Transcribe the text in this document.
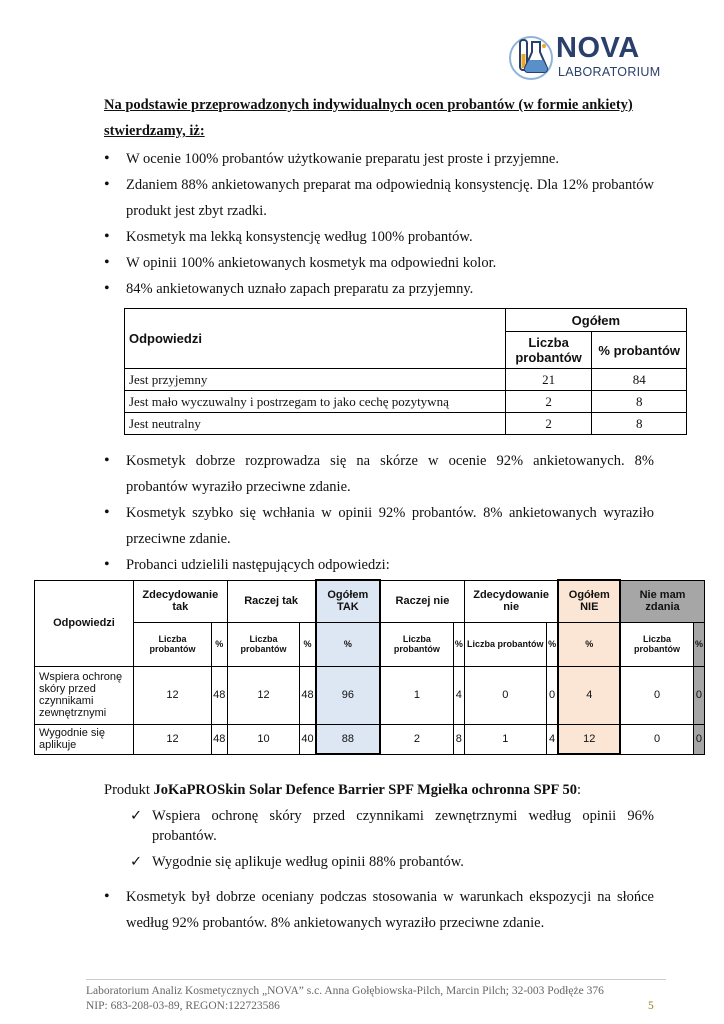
NOVA
LABORATORIUM
Na podstawie przeprowadzonych indywidualnych ocen probantów (w formie ankiety) stwierdzamy, iż:
• W ocenie 100% probantów użytkowanie preparatu jest proste i przyjemne.
• Zdaniem 88% ankietowanych preparat ma odpowiednią konsystencję. Dla 12% probantów produkt jest zbyt rzadki.
• Kosmetyk ma lekką konsystencję według 100% probantów.
• W opinii 100% ankietowanych kosmetyk ma odpowiedni kolor.
• 84% ankietowanych uznało zapach preparatu za przyjemny.
Odpowiedzi	Ogółem	
	Liczba probantów	% probantów
Jest przyjemny	21	84
Jest mało wyczuwalny i postrzegam to jako cechę pozytywną	2	8
Jest neutralny	2	8
• Kosmetyk dobrze rozprowadza się na skórze w ocenie 92% ankietowanych. 8% probantów wyraziło przeciwne zdanie.
• Kosmetyk szybko się wchłania w opinii 92% probantów. 8% ankietowanych wyraziło przeciwne zdanie.
• Probanci udzielili następujących odpowiedzi:
Odpowiedzi	Zdecydowanie tak		Raczej tak		Ogółem TAK	Raczej nie		Zdecydowanie nie		Ogółem NIE	Nie mam zdania	
	Liczba probantów	%	Liczba probantów	%	%	Liczba probantów	%	Liczba probantów	%	%	Liczba probantów	%
Wspiera ochronę skóry przed czynnikami zewnętrznymi	12	48	12	48	96	1	4	0	0	4	0	0
Wygodnie się aplikuje	12	48	10	40	88	2	8	1	4	12	0	0
Produkt JoKaPROSkin Solar Defence Barrier SPF Mgiełka ochronna SPF 50:
✓ Wspiera ochronę skóry przed czynnikami zewnętrznymi według opinii 96% probantów.
✓ Wygodnie się aplikuje według opinii 88% probantów.
• Kosmetyk był dobrze oceniany podczas stosowania w warunkach ekspozycji na słońce według 92% probantów. 8% ankietowanych wyraziło przeciwne zdanie.
Laboratorium Analiz Kosmetycznych „NOVA” s.c. Anna Gołębiowska-Pilch, Marcin Pilch; 32-003 Podłęże 376
NIP: 683-208-03-89, REGON:122723586	5
